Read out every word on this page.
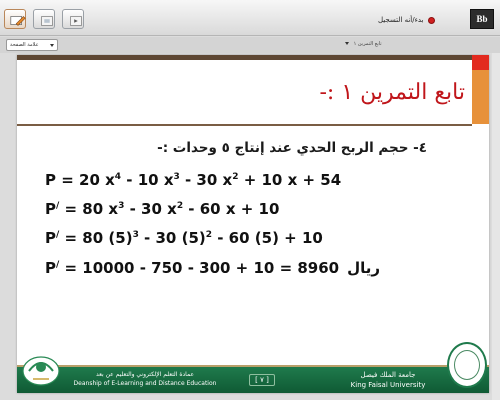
بدء/أنه التسجيل	Bb
علامة الصفحة	تابع التمرين ١
تابع التمرين ١ :-
٤- حجم الربح الحدي عند إنتاج ٥ وحدات :-
P = 20 $x^4 - 10$ $x^3 - 30$ $x^2 + 10$ x + 54
P/ = 80 $x^3 - 30$ $x^2 - 60$ x + 10
P/ = 80 $(5)^3 - 30$ $(5)^2 - 60$ (5) + 10
P/ = 10000 - 750 - 300 + 10 = 8960 ريال
عمادة التعلم الإلكتروني والتعليم عن بعد
Deanship of E-Learning and Distance Education	[ ٧ ]
جامعة الملك فيصل
King Faisal University
